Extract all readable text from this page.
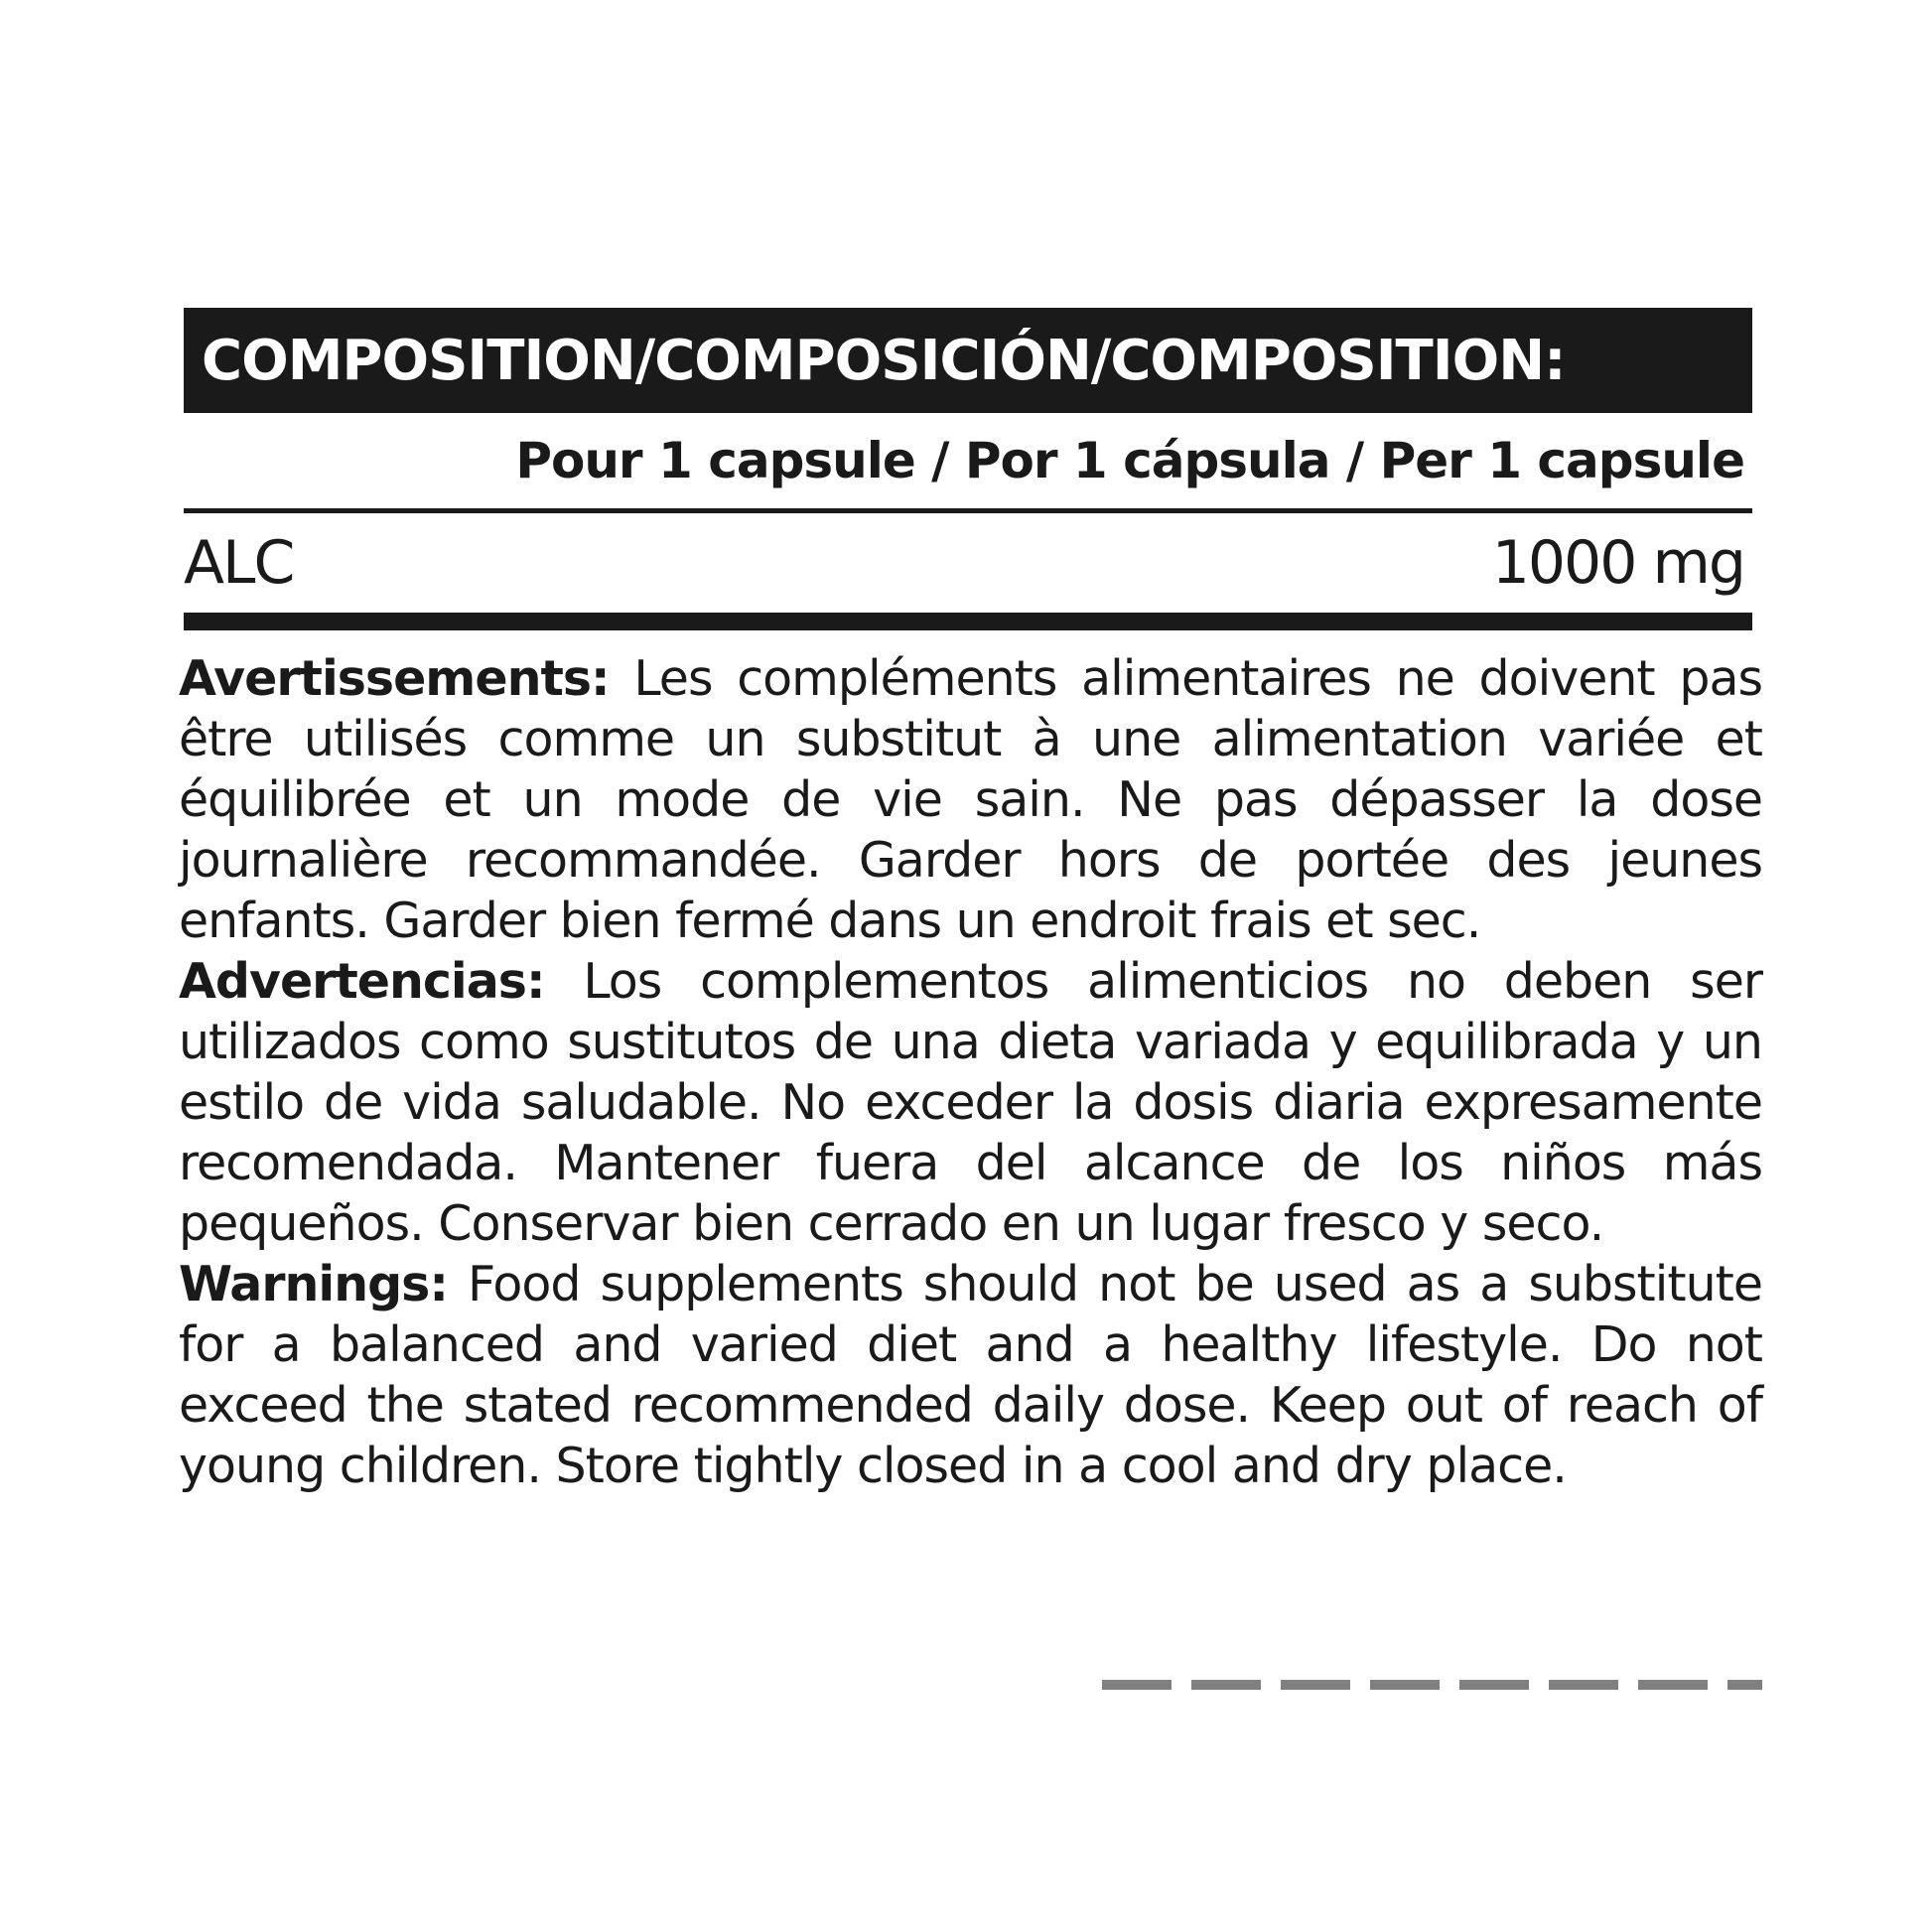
COMPOSITION/COMPOSICIÓN/COMPOSITION:
Pour 1 capsule / Por 1 cápsula / Per 1 capsule
ALC	1000 mg

Avertissements: Les compléments alimentaires ne doivent pas être utilisés comme un substitut à une alimentation variée et équilibrée et un mode de vie sain. Ne pas dépasser la dose journalière recommandée. Garder hors de portée des jeunes enfants. Garder bien fermé dans un endroit frais et sec.

Advertencias: Los complementos alimenticios no deben ser utilizados como sustitutos de una dieta variada y equilibrada y un estilo de vida saludable. No exceder la dosis diaria expresamente recomendada. Mantener fuera del alcance de los niños más pequeños. Conservar bien cerrado en un lugar fresco y seco.

Warnings: Food supplements should not be used as a substitute for a balanced and varied diet and a healthy lifestyle. Do not exceed the stated recommended daily dose. Keep out of reach of young children. Store tightly closed in a cool and dry place.
